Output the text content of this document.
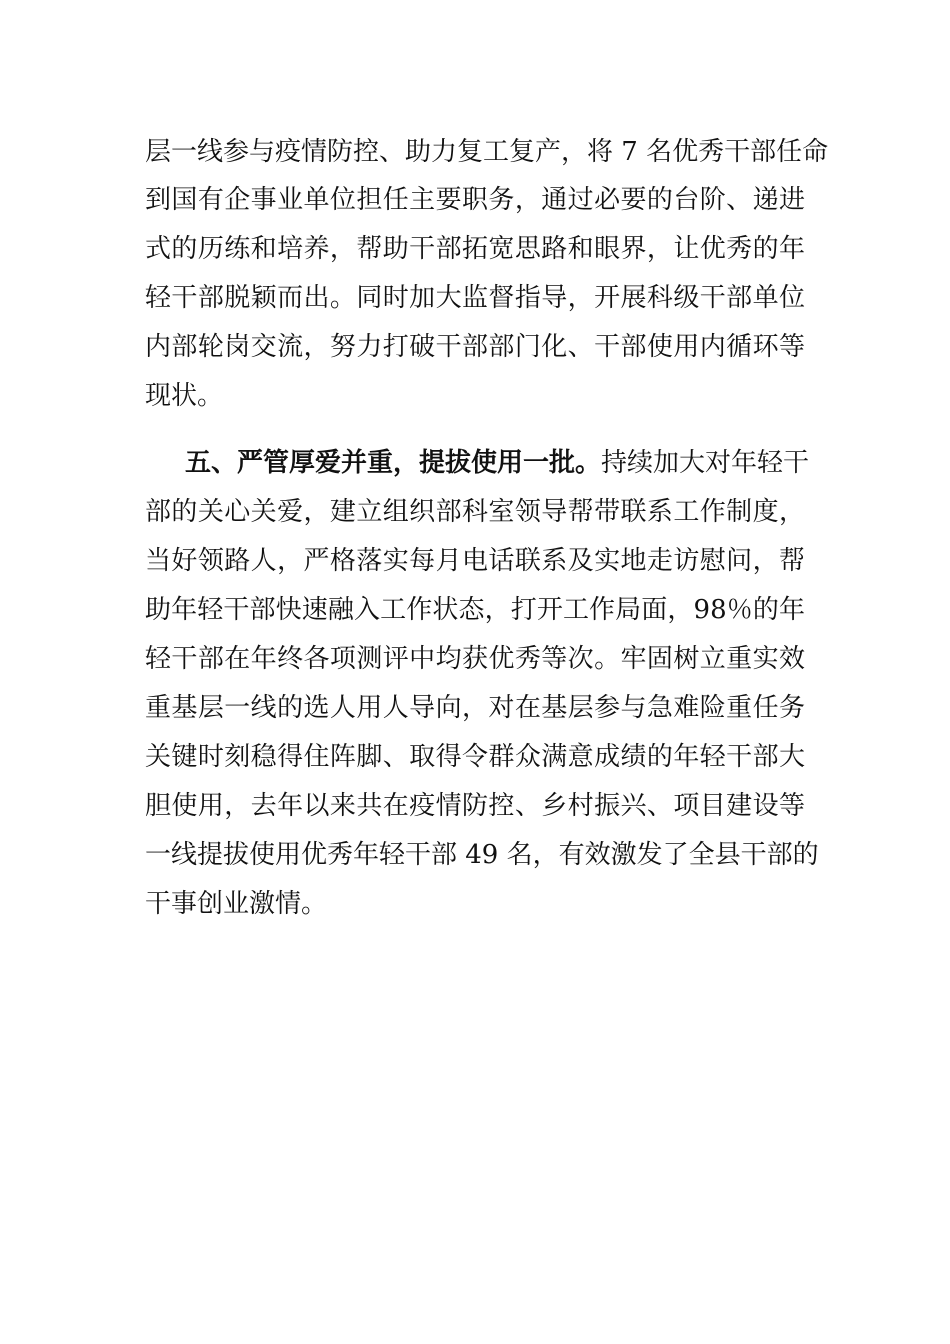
层一线参与疫情防控、助力复工复产，将 7 名优秀干部任命
到国有企事业单位担任主要职务，通过必要的台阶、递进
式的历练和培养，帮助干部拓宽思路和眼界，让优秀的年
轻干部脱颖而出。同时加大监督指导，开展科级干部单位
内部轮岗交流，努力打破干部部门化、干部使用内循环等
现状。
五、严管厚爱并重，提拔使用一批。持续加大对年轻干
部的关心关爱，建立组织部科室领导帮带联系工作制度，
当好领路人，严格落实每月电话联系及实地走访慰问，帮
助年轻干部快速融入工作状态，打开工作局面，98％的年
轻干部在年终各项测评中均获优秀等次。牢固树立重实效
重基层一线的选人用人导向，对在基层参与急难险重任务
关键时刻稳得住阵脚、取得令群众满意成绩的年轻干部大
胆使用，去年以来共在疫情防控、乡村振兴、项目建设等
一线提拔使用优秀年轻干部 49 名，有效激发了全县干部的
干事创业激情。
